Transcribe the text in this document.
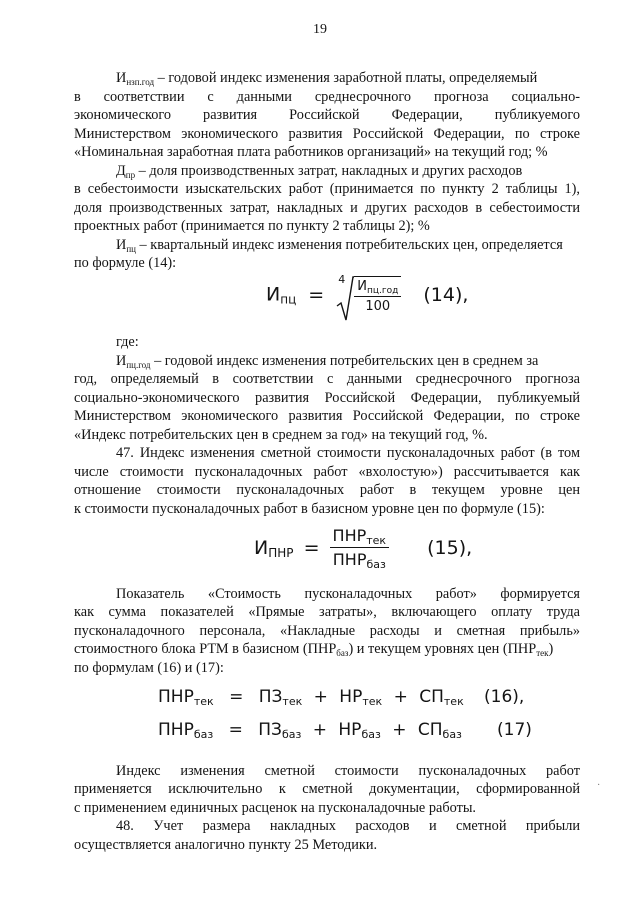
19
$И_{нзп.год}$ – годовой индекс изменения заработной платы, определяемый
в соответствии с данными среднесрочного прогноза социально-
экономического развития Российской Федерации, публикуемого
Министерством экономического развития Российской Федерации, по строке
«Номинальная заработная плата работников организаций» на текущий год; %
$Д_{пр}$ – доля производственных затрат, накладных и других расходов
в себестоимости изыскательских работ (принимается по пункту 2 таблицы 1),
доля производственных затрат, накладных и других расходов в себестоимости
проектных работ (принимается по пункту 2 таблицы 2); %
$И_{пц}$ – квартальный индекс изменения потребительских цен, определяется
по формуле (14):
$И_{пц}$ =
$4 \frac{И_{пц.год}}{100} (14)$,
где:
$И_{пц.год}$ – годовой индекс изменения потребительских цен в среднем за
год, определяемый в соответствии с данными среднесрочного прогноза
социально-экономического развития Российской Федерации, публикуемый
Министерством экономического развития Российской Федерации, по строке
«Индекс потребительских цен в среднем за год» на текущий год, %.
47. Индекс изменения сметной стоимости пусконаладочных работ (в том
числе стоимости пусконаладочных работ «вхолостую») рассчитывается как
отношение стоимости пусконаладочных работ в текущем уровне цен
к стоимости пусконаладочных работ в базисном уровне цен по формуле (15):
$И_{ПНР} = \frac{ПНР_{тек}}{ПНР_{баз}} (15)$,
Показатель «Стоимость пусконаладочных работ» формируется
как сумма показателей «Прямые затраты», включающего оплату труда
пусконаладочного персонала, «Накладные расходы и сметная прибыль»
стоимостного блока РТМ в базисном $(ПНР_{баз})$ и текущем уровнях цен $(ПНР_{тек})$
по формулам (16) и (17):
$ПНР_{тек} = ПЗ_{тек} + НР_{тек} + СП_{тек}$ (16),
$ПНР_{баз} = ПЗ_{баз} + НР_{баз} + СП_{баз}$ (17)
Индекс изменения сметной стоимости пусконаладочных работ
применяется исключительно к сметной документации, сформированной
с применением единичных расценок на пусконаладочные работы.
48. Учет размера накладных расходов и сметной прибыли
осуществляется аналогично пункту 25 Методики.
·
